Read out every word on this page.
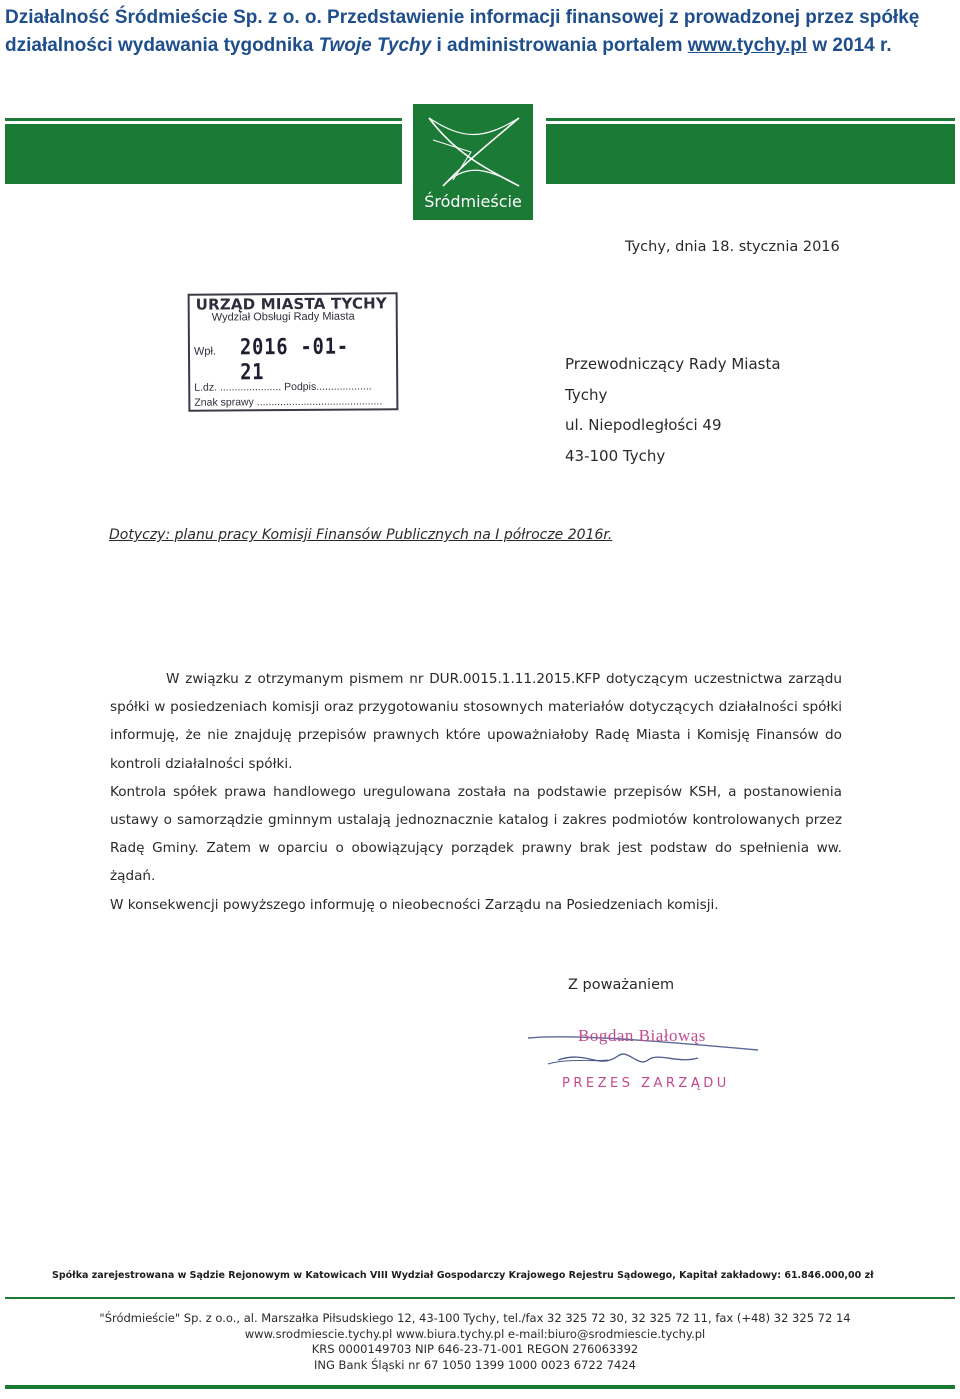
Działalność Śródmieście Sp. z o. o. Przedstawienie informacji finansowej z prowadzonej przez spółkę działalności wydawania tygodnika Twoje Tychy i administrowania portalem www.tychy.pl w 2014 r.
Śródmieście
Tychy, dnia 18. stycznia 2016
URZĄD MIASTA TYCHY
Wydział Obsługi Rady Miasta
Wpł. 2016 -01- 21
L.dz. ..................... Podpis...................
Znak sprawy ...........................................
Przewodniczący Rady Miasta
Tychy
ul. Niepodległości 49
43-100 Tychy
Dotyczy: planu pracy Komisji Finansów Publicznych na I półrocze 2016r.

W związku z otrzymanym pismem nr DUR.0015.1.11.2015.KFP dotyczącym uczestnictwa zarządu spółki w posiedzeniach komisji oraz przygotowaniu stosownych materiałów dotyczących działalności spółki informuję, że nie znajduję przepisów prawnych które upoważniałoby Radę Miasta i Komisję Finansów do kontroli działalności spółki.

Kontrola spółek prawa handlowego uregulowana została na podstawie przepisów KSH, a postanowienia ustawy o samorządzie gminnym ustalają jednoznacznie katalog i zakres podmiotów kontrolowanych przez Radę Gminy. Zatem w oparciu o obowiązujący porządek prawny brak jest podstaw do spełnienia ww. żądań.

W konsekwencji powyższego informuję o nieobecności Zarządu na Posiedzeniach komisji.

Z poważaniem
Bogdan Białowąs
PREZES ZARZĄDU
Spółka zarejestrowana w Sądzie Rejonowym w Katowicach VIII Wydział Gospodarczy Krajowego Rejestru Sądowego, Kapitał zakładowy: 61.846.000,00 zł
"Śródmieście" Sp. z o.o., al. Marszałka Piłsudskiego 12, 43-100 Tychy, tel./fax 32 325 72 30, 32 325 72 11, fax (+48) 32 325 72 14
www.srodmiescie.tychy.pl www.biura.tychy.pl e-mail:biuro@srodmiescie.tychy.pl
KRS 0000149703 NIP 646-23-71-001 REGON 276063392
ING Bank Śląski nr 67 1050 1399 1000 0023 6722 7424
